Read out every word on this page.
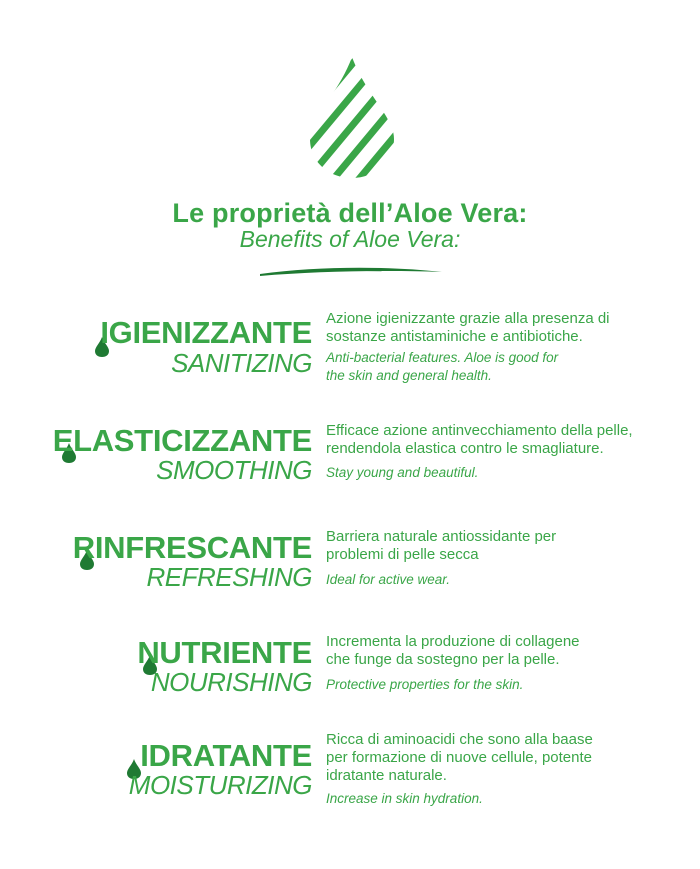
Le proprietà dell’Aloe Vera:
Benefits of Aloe Vera:
IGIENIZZANTE
SANITIZING
Azione igienizzante grazie alla presenza di sostanze antistaminiche e antibiotiche.
Anti-bacterial features. Aloe is good for the skin and general health.
ELASTICIZZANTE
SMOOTHING
Efficace azione antinvecchiamento della pelle, rendendola elastica contro le smagliature.
Stay young and beautiful.
RINFRESCANTE
REFRESHING
Barriera naturale antiossidante per problemi di pelle secca
Ideal for active wear.
NUTRIENTE
NOURISHING
Incrementa la produzione di collagene che funge da sostegno per la pelle.
Protective properties for the skin.
IDRATANTE
MOISTURIZING
Ricca di aminoacidi che sono alla baase per formazione di nuove cellule, potente idratante naturale.
Increase in skin hydration.
